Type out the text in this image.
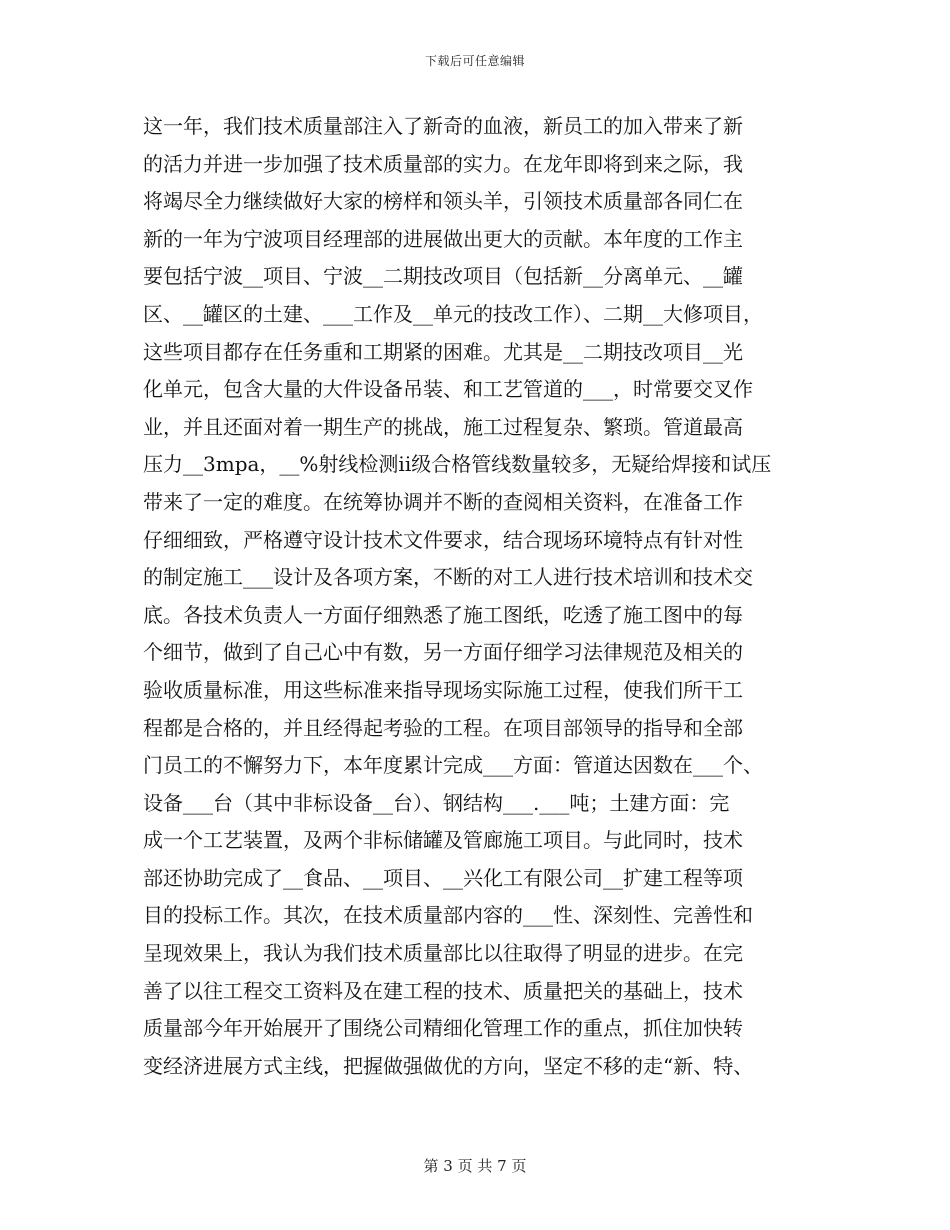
下载后可任意编辑
这一年，我们技术质量部注入了新奇的血液，新员工的加入带来了新
的活力并进一步加强了技术质量部的实力。在龙年即将到来之际，我
将竭尽全力继续做好大家的榜样和领头羊，引领技术质量部各同仁在
新的一年为宁波项目经理部的进展做出更大的贡献。本年度的工作主
要包括宁波__项目、宁波__二期技改项目（包括新__分离单元、__罐
区、__罐区的土建、___工作及__单元的技改工作）、二期__大修项目，
这些项目都存在任务重和工期紧的困难。尤其是__二期技改项目__光
化单元，包含大量的大件设备吊装、和工艺管道的___，时常要交叉作
业，并且还面对着一期生产的挑战，施工过程复杂、繁琐。管道最高
压力__3mpa，__%射线检测ii级合格管线数量较多，无疑给焊接和试压
带来了一定的难度。在统筹协调并不断的查阅相关资料，在准备工作
仔细细致，严格遵守设计技术文件要求，结合现场环境特点有针对性
的制定施工___设计及各项方案，不断的对工人进行技术培训和技术交
底。各技术负责人一方面仔细熟悉了施工图纸，吃透了施工图中的每
个细节，做到了自己心中有数，另一方面仔细学习法律规范及相关的
验收质量标准，用这些标准来指导现场实际施工过程，使我们所干工
程都是合格的，并且经得起考验的工程。在项目部领导的指导和全部
门员工的不懈努力下，本年度累计完成___方面：管道达因数在___个、
设备___台（其中非标设备__台）、钢结构___.___吨；土建方面：完
成一个工艺装置，及两个非标储罐及管廊施工项目。与此同时，技术
部还协助完成了__食品、__项目、__兴化工有限公司__扩建工程等项
目的投标工作。其次，在技术质量部内容的___性、深刻性、完善性和
呈现效果上，我认为我们技术质量部比以往取得了明显的进步。在完
善了以往工程交工资料及在建工程的技术、质量把关的基础上，技术
质量部今年开始展开了围绕公司精细化管理工作的重点，抓住加快转
变经济进展方式主线，把握做强做优的方向，坚定不移的走“新、特、
第 3 页 共 7 页
